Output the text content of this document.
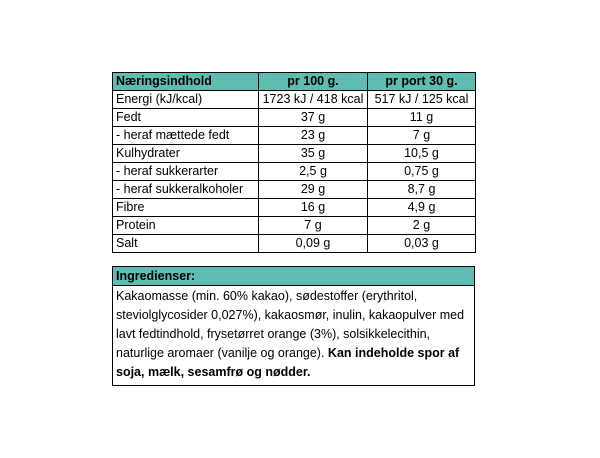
Næringsindhold	pr 100 g.	pr port 30 g.
Energi (kJ/kcal)	1723 kJ / 418 kcal	517 kJ / 125 kcal
Fedt	37 g	11 g
- heraf mættede fedt	23 g	7 g
Kulhydrater	35 g	10,5 g
- heraf sukkerarter	2,5 g	0,75 g
- heraf sukkeralkoholer	29 g	8,7 g
Fibre	16 g	4,9 g
Protein	7 g	2 g
Salt	0,09 g	0,03 g
Ingredienser:
Kakaomasse (min. 60% kakao), sødestoffer (erythritol, steviolglycosider 0,027%), kakaosmør, inulin, kakaopulver med lavt fedtindhold, frysetørret orange (3%), solsikkelecithin, naturlige aromaer (vanilje og orange). Kan indeholde spor af soja, mælk, sesamfrø og nødder.
